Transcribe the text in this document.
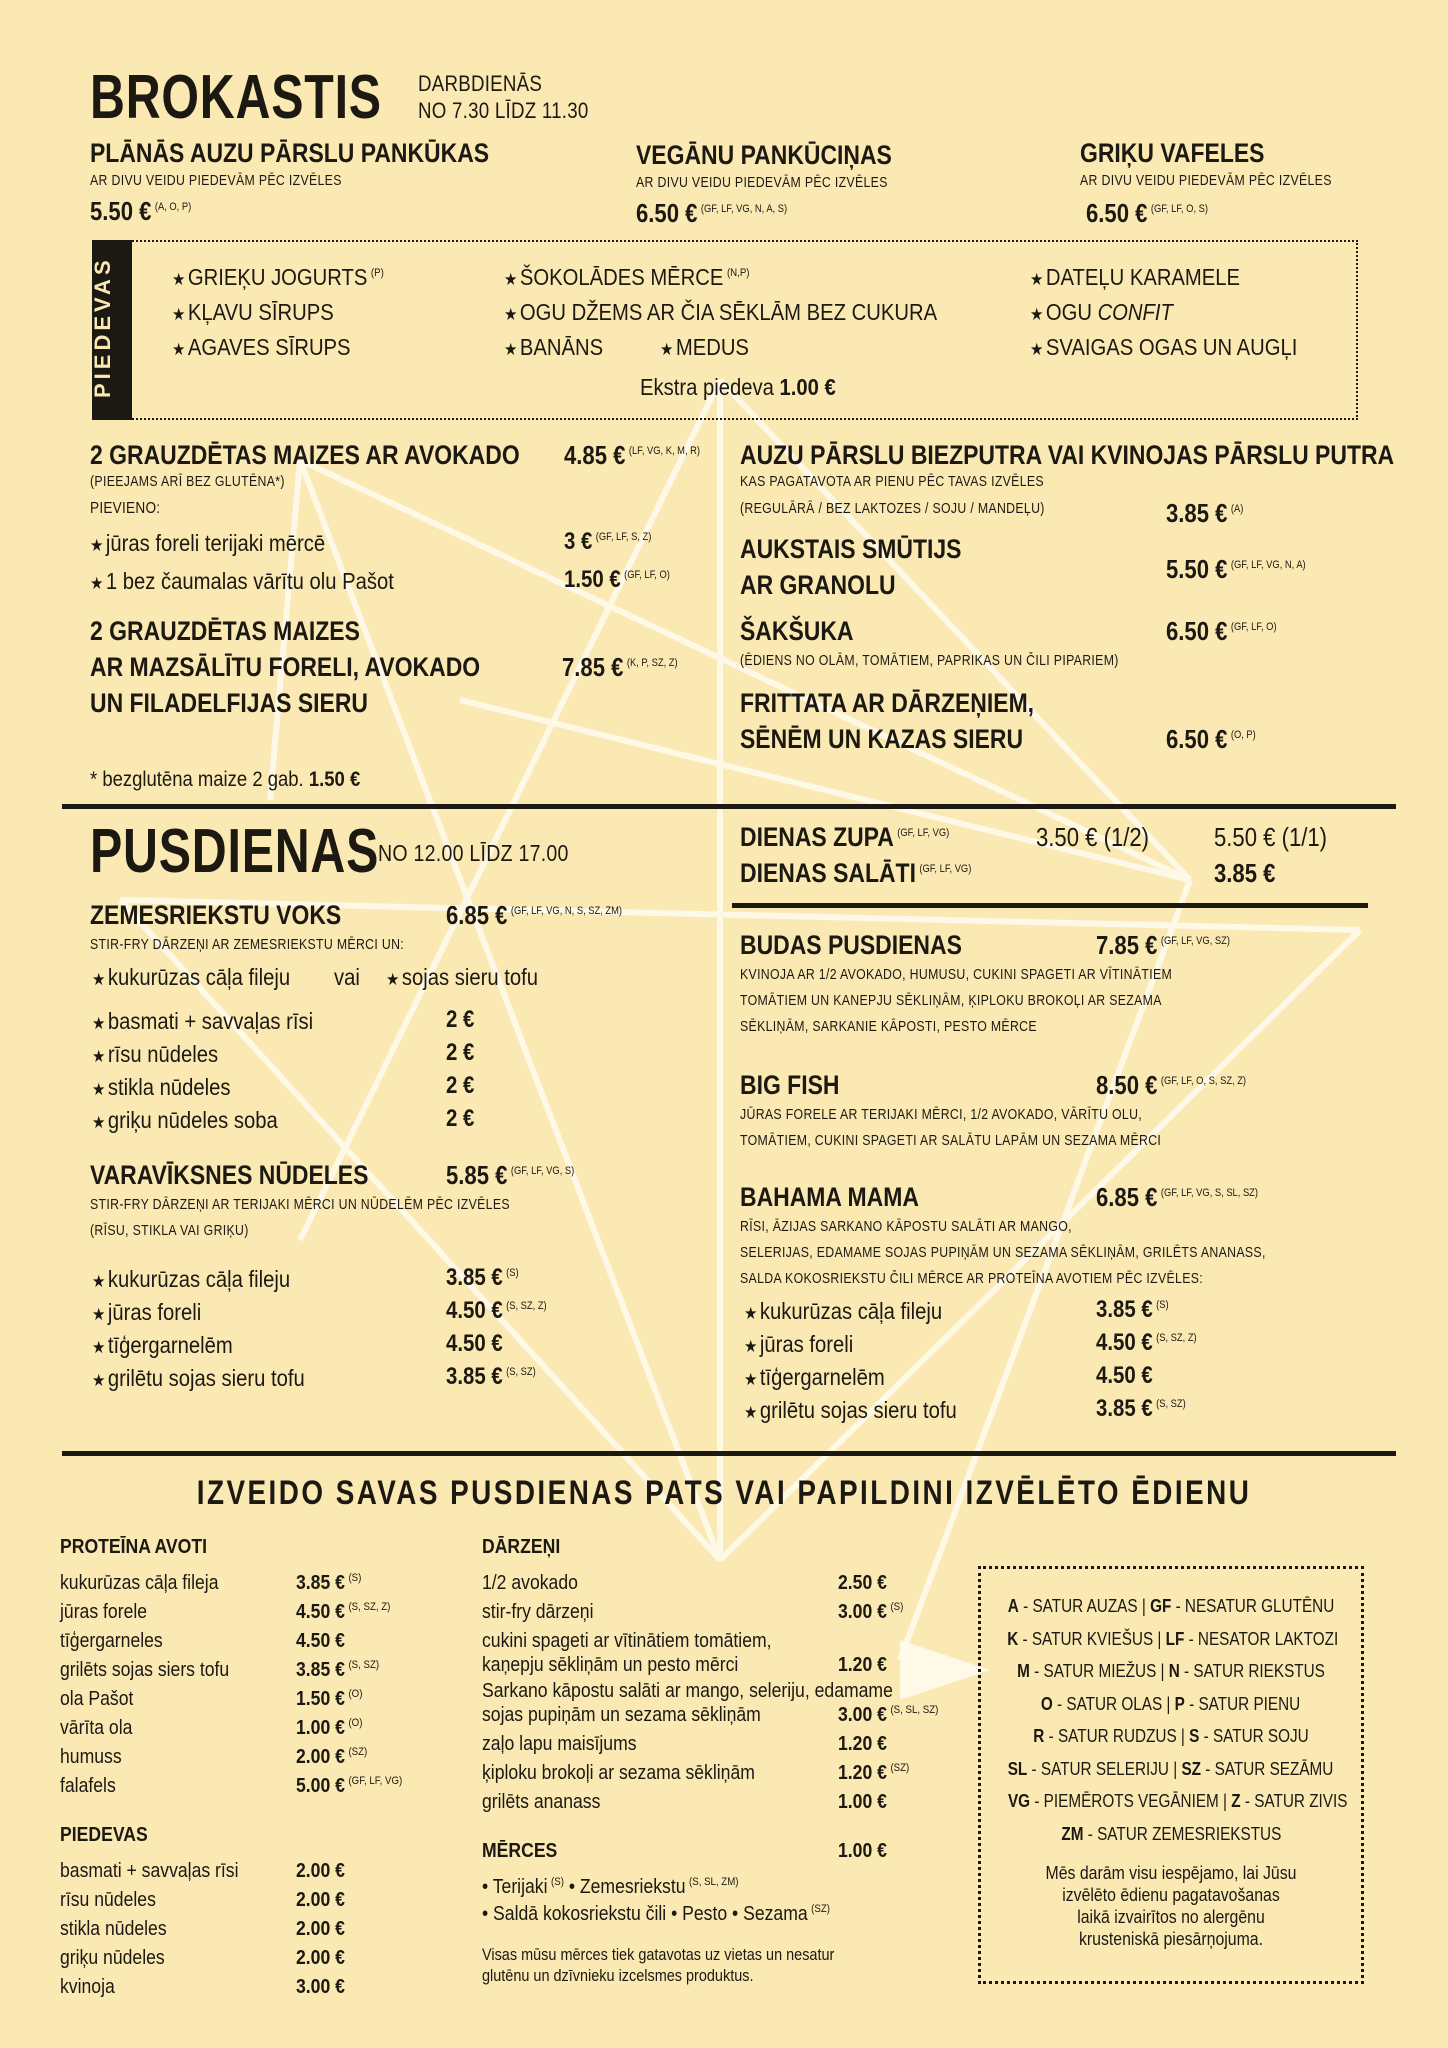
BROKASTIS DARBDIENĀS
NO 7.30 LĪDZ 11.30
PLĀNĀS AUZU PĀRSLU PANKŪKAS
AR DIVU VEIDU PIEDEVĀM PĒC IZVĒLES
5.50 € $^{(A, O, P)}$
VEGĀNU PANKŪCIŅAS
AR DIVU VEIDU PIEDEVĀM PĒC IZVĒLES
6.50 € $^{(GF, LF, VG, N, A, S)}$
GRIĶU VAFELES
AR DIVU VEIDU PIEDEVĀM PĒC IZVĒLES
6.50 € $^{(GF, LF, O, S)}$
PIEDEVAS	★ GRIEĶU JOGURTS $^{(P)}$
★ KĻAVU SĪRUPS
★ AGAVES SĪRUPS
★ ŠOKOLĀDES MĒRCE $^{(N,P)}$
★ OGU DŽEMS AR ČIA SĒKLĀM BEZ CUKURA
★ BANĀNS	★ MEDUS
★ DATEĻU KARAMELE
★ OGU CONFIT
★ SVAIGAS OGAS UN AUGĻI
Ekstra piedeva 1.00 €
2 GRAUZDĒTAS MAIZES AR AVOKADO 4.85 € $^{(LF, VG, K, M, R)}$
(PIEEJAMS ARĪ BEZ GLUTĒNA*)
PIEVIENO:
★ jūras foreli terijaki mērcē	3 € $^{(GF, LF, S, Z)}$
★ 1 bez čaumalas vārītu olu Pašot	1.50 € $^{(GF, LF, O)}$
2 GRAUZDĒTAS MAIZES
AR MAZSĀLĪTU FORELI, AVOKADO
UN FILADELFIJAS SIERU
7.85 € $^{(K, P, SZ, Z)}$
* bezglutēna maize 2 gab. 1.50 €
AUZU PĀRSLU BIEZPUTRA VAI KVINOJAS PĀRSLU PUTRA
KAS PAGATAVOTA AR PIENU PĒC TAVAS IZVĒLES
(REGULĀRĀ / BEZ LAKTOZES / SOJU / MANDEĻU)	3.85 € $^{(A)}$
AUKSTAIS SMŪTIJS
AR GRANOLU
5.50 € $^{(GF, LF, VG, N, A)}$
ŠAKŠUKA	6.50 € $^{(GF, LF, O)}$
(ĒDIENS NO OLĀM, TOMĀTIEM, PAPRIKAS UN ČILI PIPARIEM)
FRITTATA AR DĀRZEŅIEM,
SĒNĒM UN KAZAS SIERU	6.50 € $^{(O, P)}$
PUSDIENAS
NO 12.00 LĪDZ 17.00
ZEMESRIEKSTU VOKS	6.85 € $^{(GF, LF, VG, N, S, SZ, ZM)}$
STIR-FRY DĀRZEŅI AR ZEMESRIEKSTU MĒRCI UN:
★ kukurūzas cāļa fileju vai ★ sojas sieru tofu
★ basmati + savvaļas rīsi	2 €
★ rīsu nūdeles	2 €
★ stikla nūdeles	2 €
★ griķu nūdeles soba	2 €
VARAVĪKSNES NŪDELES	5.85 € $^{(GF, LF, VG, S)}$
STIR-FRY DĀRZEŅI AR TERIJAKI MĒRCI UN NŪDELĒM PĒC IZVĒLES
(RĪSU, STIKLA VAI GRIĶU)
★ kukurūzas cāļa fileju	3.85 € $^{(S)}$
★ jūras foreli	4.50 € $^{(S, SZ, Z)}$
★ tīģergarnelēm	4.50 €
★ grilētu sojas sieru tofu	3.85 € $^{(S, SZ)}$
DIENAS ZUPA $^{(GF, LF, VG)}$	3.50 € (1/2) 5.50 € (1/1)
DIENAS SALĀTI $^{(GF, LF, VG)}$	3.85 €
BUDAS PUSDIENAS	7.85 € $^{(GF, LF, VG, SZ)}$
KVINOJA AR 1/2 AVOKADO, HUMUSU, CUKINI SPAGETI AR VĪTINĀTIEM
TOMĀTIEM UN KANEPJU SĒKLIŅĀM, ĶIPLOKU BROKOĻI AR SEZAMA
SĒKLIŅĀM, SARKANIE KĀPOSTI, PESTO MĒRCE
BIG FISH	8.50 € $^{(GF, LF, O, S, SZ, Z)}$
JŪRAS FORELE AR TERIJAKI MĒRCI, 1/2 AVOKADO, VĀRĪTU OLU,
TOMĀTIEM, CUKINI SPAGETI AR SALĀTU LAPĀM UN SEZAMA MĒRCI
BAHAMA MAMA	6.85 € $^{(GF, LF, VG, S, SL, SZ)}$
RĪSI, ĀZIJAS SARKANO KĀPOSTU SALĀTI AR MANGO,
SELERIJAS, EDAMAME SOJAS PUPIŅĀM UN SEZAMA SĒKLIŅĀM, GRILĒTS ANANASS,
SALDA KOKOSRIEKSTU ČILI MĒRCE AR PROTEĪNA AVOTIEM PĒC IZVĒLES:
★ kukurūzas cāļa fileju	3.85 € $^{(S)}$
★ jūras foreli	4.50 € $^{(S, SZ, Z)}$
★ tīģergarnelēm	4.50 €
★ grilētu sojas sieru tofu	3.85 € $^{(S, SZ)}$
IZVEIDO SAVAS PUSDIENAS PATS VAI PAPILDINI IZVĒLĒTO ĒDIENU
PROTEĪNA AVOTI
kukurūzas cāļa fileja	3.85 € $^{(S)}$
jūras forele	4.50 € $^{(S, SZ, Z)}$
tīģergarneles	4.50 €
grilēts sojas siers tofu	3.85 € $^{(S, SZ)}$
ola Pašot	1.50 € $^{(O)}$
vārīta ola	1.00 € $^{(O)}$
humuss	2.00 € $^{(SZ)}$
falafels	5.00 € $^{(GF, LF, VG)}$
PIEDEVAS
basmati + savvaļas rīsi	2.00 €
rīsu nūdeles	2.00 €
stikla nūdeles	2.00 €
griķu nūdeles	2.00 €
kvinoja	3.00 €
DĀRZEŅI
1/2 avokado	2.50 €
stir-fry dārzeņi	3.00 € $^{(S)}$
cukini spageti ar vītinātiem tomātiem,
kaņepju sēkliņām un pesto mērci	1.20 €
Sarkano kāpostu salāti ar mango, seleriju, edamame
sojas pupiņām un sezama sēkliņām	3.00 € $^{(S, SL, SZ)}$
zaļo lapu maisījums	1.20 €
ķiploku brokoļi ar sezama sēkliņām	1.20 € $^{(SZ)}$
grilēts ananass	1.00 €
MĒRCES	1.00 €
• Terijaki $^{(S)}$ • Zemesriekstu $^{(S, SL, ZM)}$
• Saldā kokosriekstu čili • Pesto • Sezama $^{(SZ)}$
Visas mūsu mērces tiek gatavotas uz vietas un nesatur
glutēnu un dzīvnieku izcelsmes produktus.
A - SATUR AUZAS | GF - NESATUR GLUTĒNU
K - SATUR KVIEŠUS | LF - NESATOR LAKTOZI
M - SATUR MIEŽUS | N - SATUR RIEKSTUS
O - SATUR OLAS | P - SATUR PIENU
R - SATUR RUDZUS | S - SATUR SOJU
SL - SATUR SELERIJU | SZ - SATUR SEZĀMU
VG - PIEMĒROTS VEGĀNIEM | Z - SATUR ZIVIS
ZM - SATUR ZEMESRIEKSTUS
Mēs darām visu iespējamo, lai Jūsu
izvēlēto ēdienu pagatavošanas
laikā izvairītos no alergēnu
krusteniskā piesārņojuma.
